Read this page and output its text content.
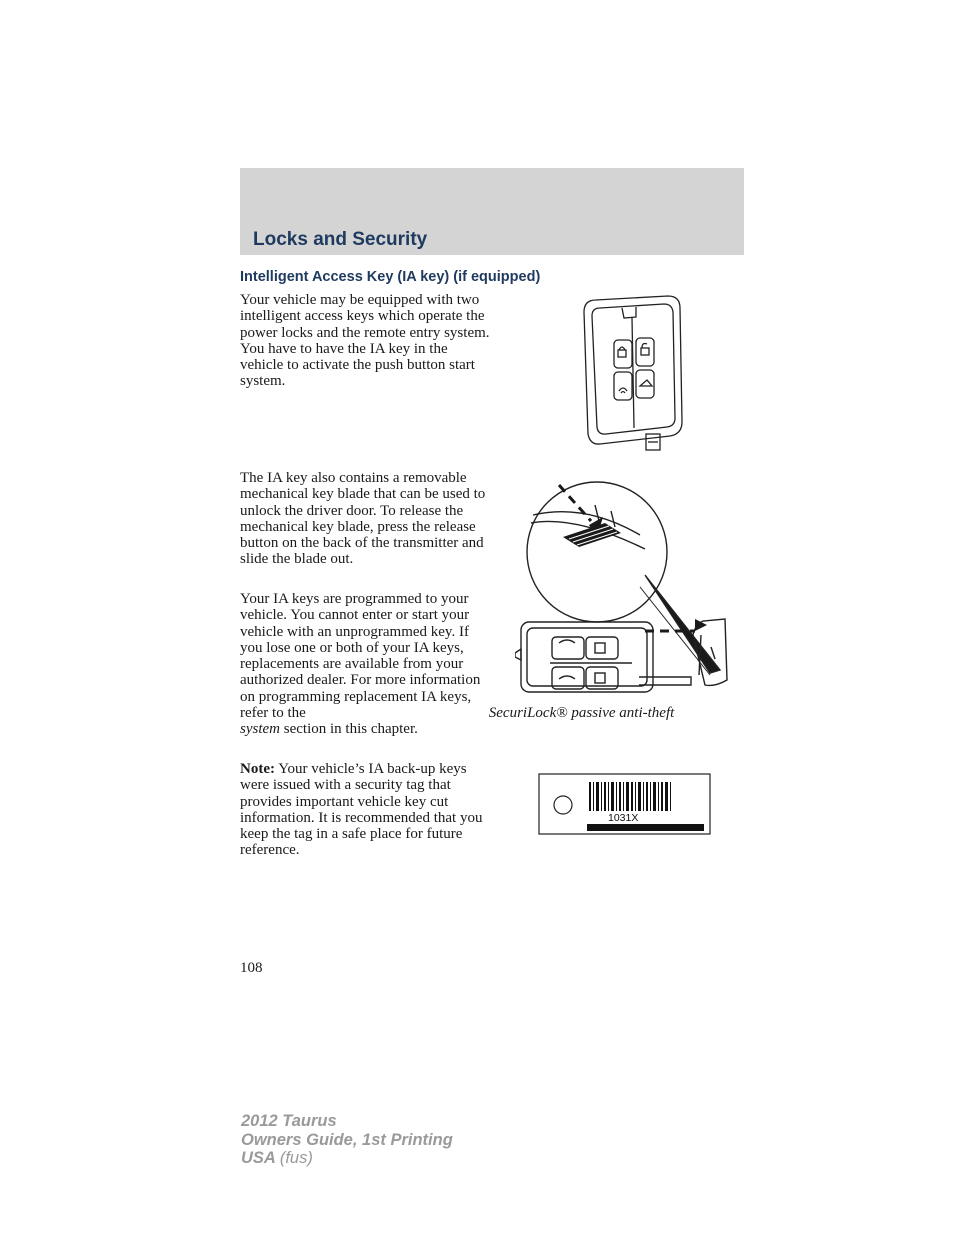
Locks and Security
Intelligent Access Key (IA key) (if equipped)
Your vehicle may be equipped with two intelligent access keys which operate the power locks and the remote entry system. You have to have the IA key in the vehicle to activate the push button start system.
The IA key also contains a removable mechanical key blade that can be used to unlock the driver door. To release the mechanical key blade, press the release button on the back of the transmitter and slide the blade out.
Your IA keys are programmed to your vehicle. You cannot enter or start your vehicle with an unprogrammed key. If you lose one or both of your IA keys, replacements are available from your authorized dealer. For more information on programming replacement IA keys, refer to the	SecuriLock® passive anti-theft system section in this chapter.
Note: Your vehicle’s IA back-up keys were issued with a security tag that provides important vehicle key cut information. It is recommended that you keep the tag in a safe place for future reference.
1031X
108
2012 Taurus
Owners Guide, 1st Printing
USA (fus)
